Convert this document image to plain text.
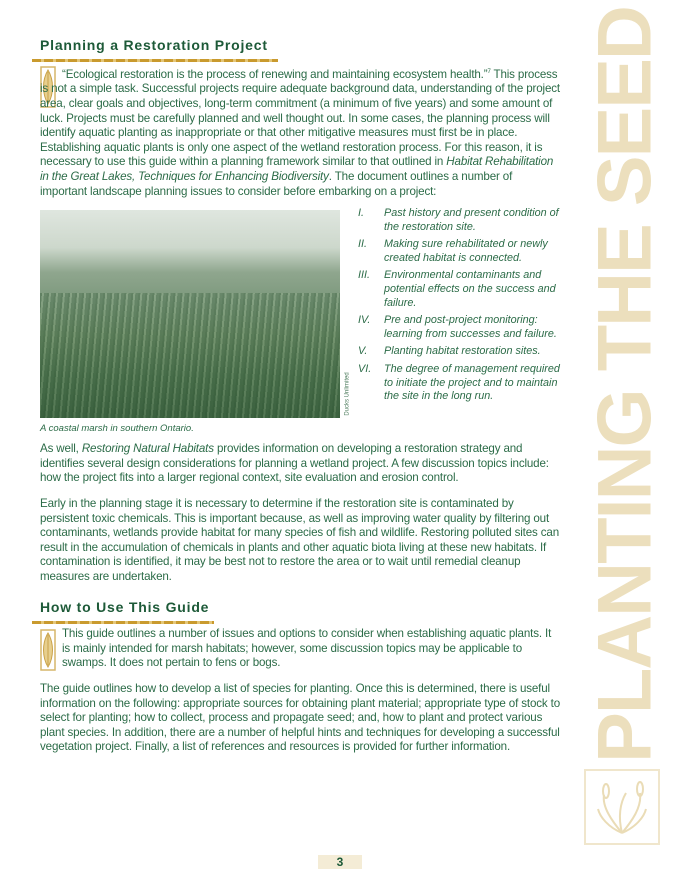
Planning a Restoration Project

“Ecological restoration is the process of renewing and maintaining ecosystem health.”$^7$ This process is not a simple task. Successful projects require adequate background data, understanding of the project area, clear goals and objectives, long-term commitment (a minimum of five years) and some amount of luck. Projects must be carefully planned and well thought out. In some cases, the planning process will identify aquatic planting as inappropriate or that other mitigative measures must first be in place. Establishing aquatic plants is only one aspect of the wetland restoration process. For this reason, it is necessary to use this guide within a planning framework similar to that outlined in Habitat Rehabilitation in the Great Lakes, Techniques for Enhancing Biodiversity. The document outlines a number of important landscape planning issues to consider before embarking on a project:

Ducks Unlimited
A coastal marsh in southern Ontario.
I.	Past history and present condition of the restoration site.
II.	Making sure rehabilitated or newly created habitat is connected.
III.	Environmental contaminants and potential effects on the success and failure.
IV.	Pre and post-project monitoring: learning from successes and failure.
V.	Planting habitat restoration sites.
VI.	The degree of management required to initiate the project and to maintain the site in the long run.

As well, Restoring Natural Habitats provides information on developing a restoration strategy and identifies several design considerations for planning a wetland project. A few discussion topics include: how the project fits into a larger regional context, site evaluation and erosion control.

Early in the planning stage it is necessary to determine if the restoration site is contaminated by persistent toxic chemicals. This is important because, as well as improving water quality by filtering out contaminants, wetlands provide habitat for many species of fish and wildlife. Restoring polluted sites can result in the accumulation of chemicals in plants and other aquatic biota living at these new habitats. If contamination is identified, it may be best not to restore the area or to wait until remedial cleanup measures are undertaken.

How to Use This Guide

This guide outlines a number of issues and options to consider when establishing aquatic plants. It is mainly intended for marsh habitats; however, some discussion topics may be applicable to swamps. It does not pertain to fens or bogs.

The guide outlines how to develop a list of species for planting. Once this is determined, there is useful information on the following: appropriate sources for obtaining plant material; appropriate type of stock to select for planting; how to collect, process and propagate seed; and, how to plant and protect various plant species. In addition, there are a number of helpful hints and techniques for developing a successful vegetation project. Finally, a list of references and resources is provided for further information. PLANTING THE SEED
3
